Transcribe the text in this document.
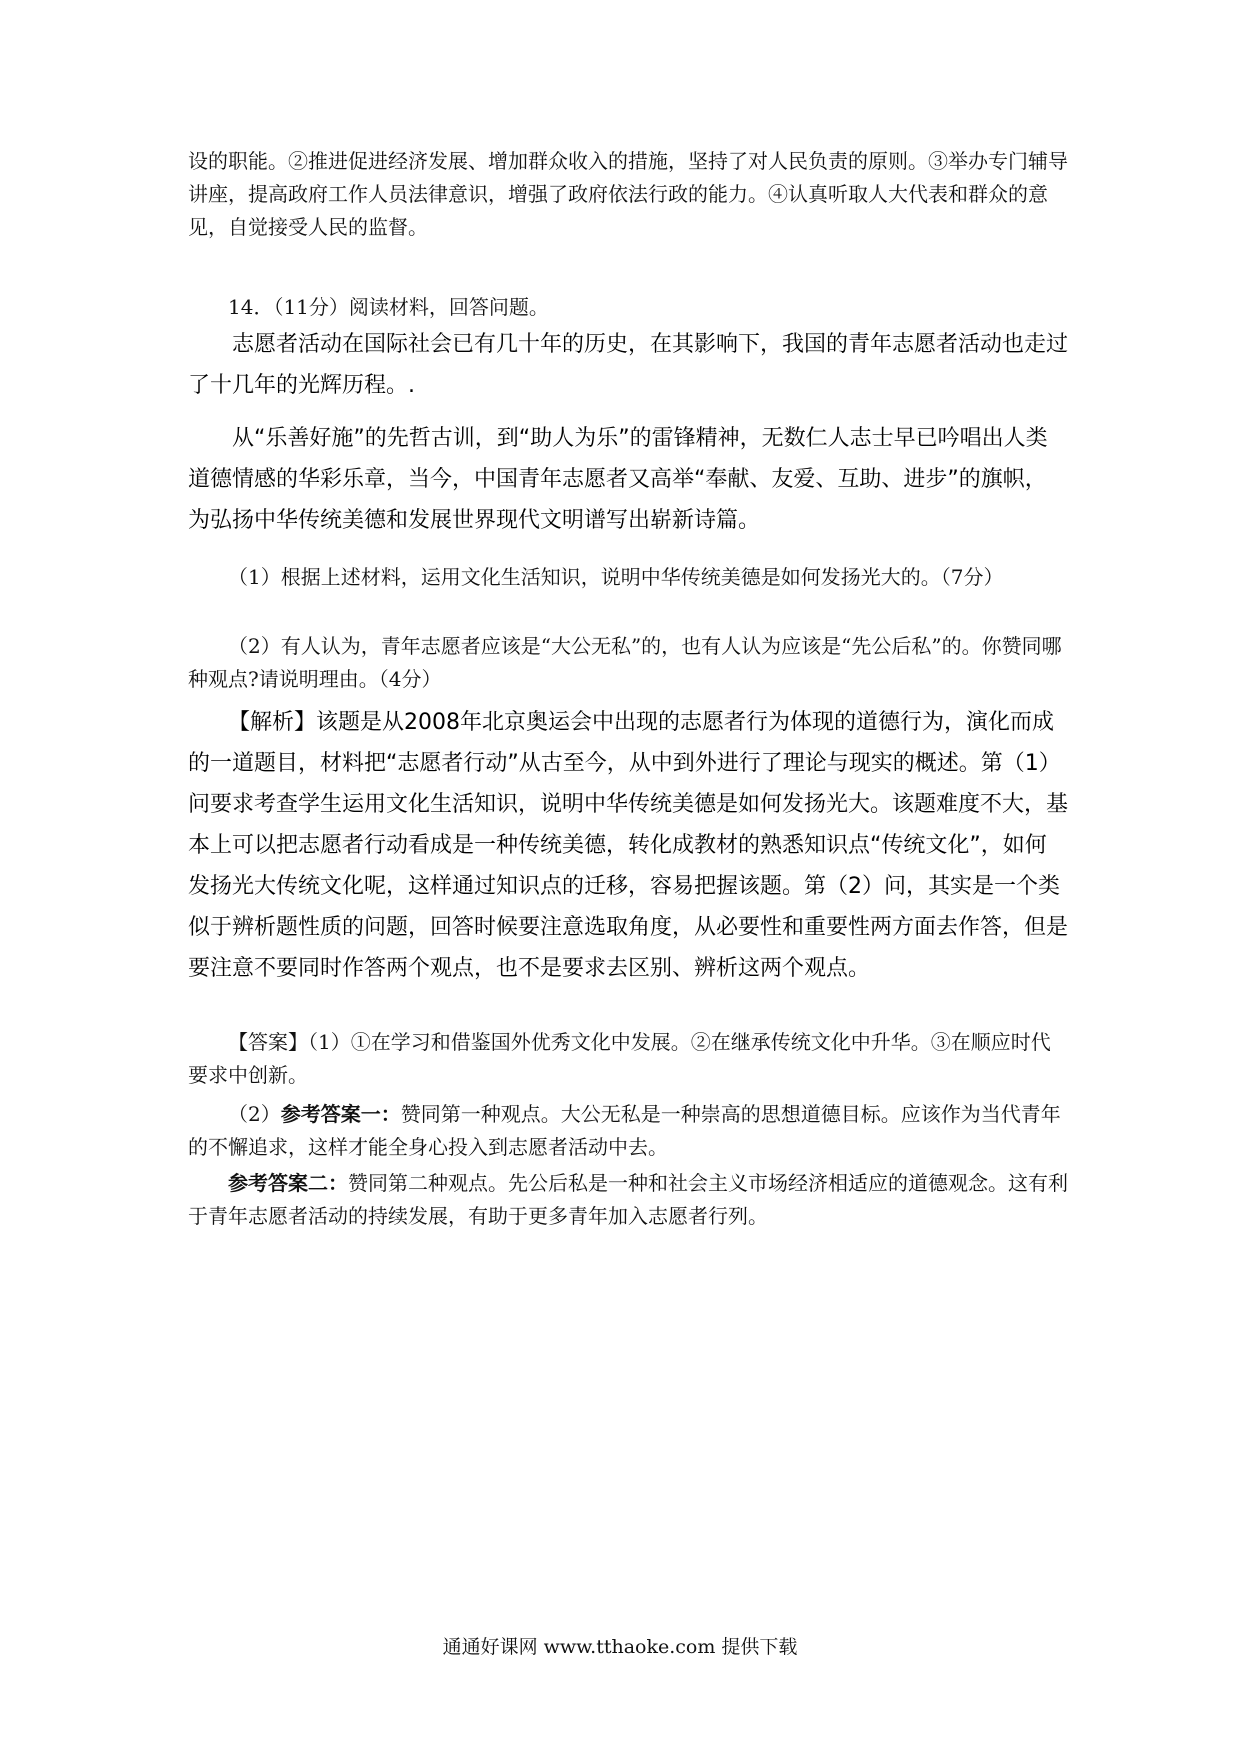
设的职能。②推进促进经济发展、增加群众收入的措施，坚持了对人民负责的原则。③举办专门辅导讲座，提高政府工作人员法律意识，增强了政府依法行政的能力。④认真听取人大代表和群众的意见，自觉接受人民的监督。

14．（11分）阅读材料，回答问题。

志愿者活动在国际社会已有几十年的历史，在其影响下，我国的青年志愿者活动也走过了十几年的光辉历程。.

从“乐善好施”的先哲古训，到“助人为乐”的雷锋精神，无数仁人志士早已吟唱出人类道德情感的华彩乐章，当今，中国青年志愿者又高举“奉献、友爱、互助、进步”的旗帜，为弘扬中华传统美德和发展世界现代文明谱写出崭新诗篇。

（1）根据上述材料，运用文化生活知识，说明中华传统美德是如何发扬光大的。（7分）

（2）有人认为，青年志愿者应该是“大公无私”的，也有人认为应该是“先公后私”的。你赞同哪种观点?请说明理由。（4分）

【解析】该题是从2008年北京奥运会中出现的志愿者行为体现的道德行为，演化而成的一道题目，材料把“志愿者行动”从古至今，从中到外进行了理论与现实的概述。第（1）问要求考查学生运用文化生活知识，说明中华传统美德是如何发扬光大。该题难度不大，基本上可以把志愿者行动看成是一种传统美德，转化成教材的熟悉知识点“传统文化”，如何发扬光大传统文化呢，这样通过知识点的迁移，容易把握该题。第（2）问，其实是一个类似于辨析题性质的问题，回答时候要注意选取角度，从必要性和重要性两方面去作答，但是要注意不要同时作答两个观点，也不是要求去区别、辨析这两个观点。

【答案】（1）①在学习和借鉴国外优秀文化中发展。②在继承传统文化中升华。③在顺应时代要求中创新。

（2）参考答案一：赞同第一种观点。大公无私是一种崇高的思想道德目标。应该作为当代青年的不懈追求，这样才能全身心投入到志愿者活动中去。

参考答案二：赞同第二种观点。先公后私是一种和社会主义市场经济相适应的道德观念。这有利于青年志愿者活动的持续发展，有助于更多青年加入志愿者行列。

通通好课网 www.tthaoke.com 提供下载
